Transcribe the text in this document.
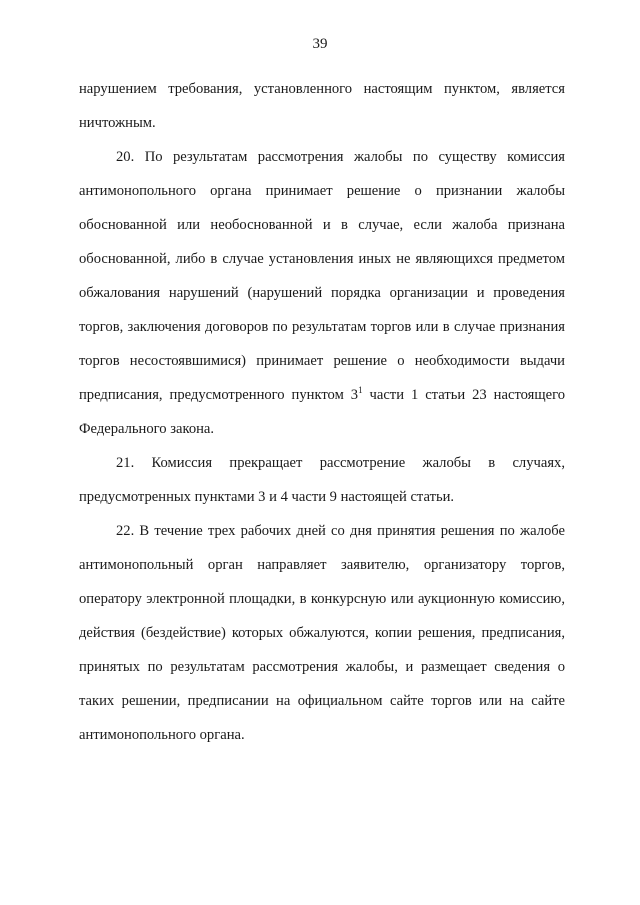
39

нарушением требования, установленного настоящим пунктом, является ничтожным.

20. По результатам рассмотрения жалобы по существу комиссия антимонопольного органа принимает решение о признании жалобы обоснованной или необоснованной и в случае, если жалоба признана обоснованной, либо в случае установления иных не являющихся предметом обжалования нарушений (нарушений порядка организации и проведения торгов, заключения договоров по результатам торгов или в случае признания торгов несостоявшимися) принимает решение о необходимости выдачи предписания, предусмотренного пунктом $3^1$ части 1 статьи 23 настоящего Федерального закона.

21. Комиссия прекращает рассмотрение жалобы в случаях, предусмотренных пунктами 3 и 4 части 9 настоящей статьи.

22. В течение трех рабочих дней со дня принятия решения по жалобе антимонопольный орган направляет заявителю, организатору торгов, оператору электронной площадки, в конкурсную или аукционную комиссию, действия (бездействие) которых обжалуются, копии решения, предписания, принятых по результатам рассмотрения жалобы, и размещает сведения о таких решении, предписании на официальном сайте торгов или на сайте антимонопольного органа.
